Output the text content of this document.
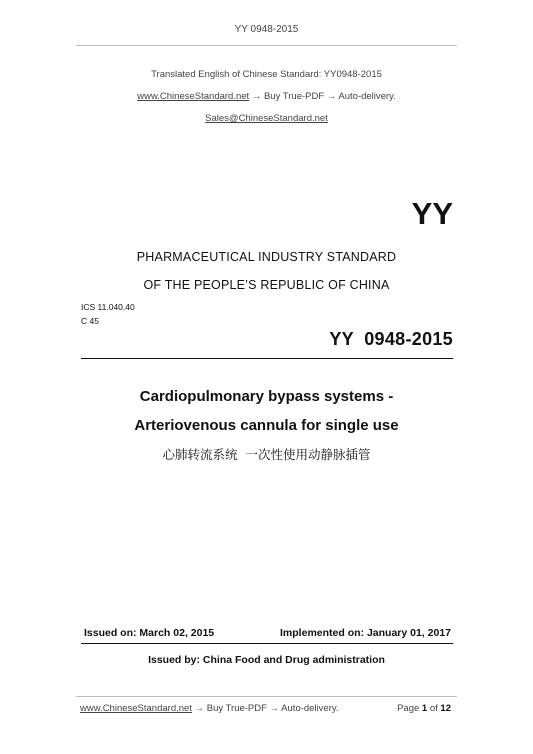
YY 0948-2015
Translated English of Chinese Standard: YY0948-2015
www.ChineseStandard.net → Buy True-PDF → Auto-delivery.
Sales@ChineseStandard.net
YY
PHARMACEUTICAL INDUSTRY STANDARD
OF THE PEOPLE’S REPUBLIC OF CHINA
ICS 11.040.40
C 45
YY  0948-2015
Cardiopulmonary bypass systems -
Arteriovenous cannula for single use
心肺转流系统  一次性使用动静脉插管
Issued on: March 02, 2015	Implemented on: January 01, 2017
Issued by: China Food and Drug administration
www.ChineseStandard.net → Buy True-PDF → Auto-delivery.	Page 1 of 12
